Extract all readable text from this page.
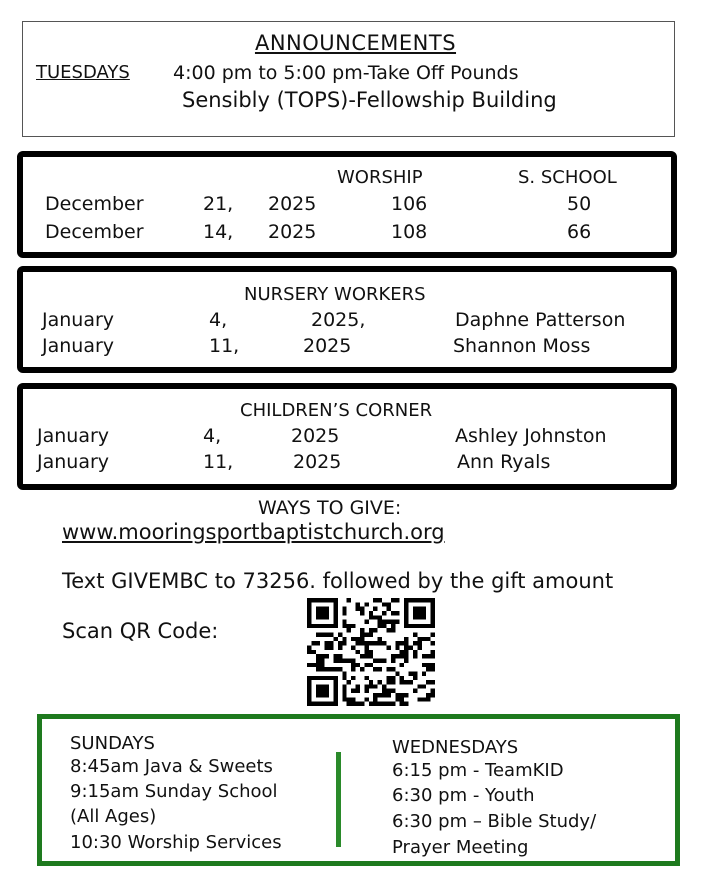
ANNOUNCEMENTS
TUESDAYS 4:00 pm to 5:00 pm-Take Off Pounds
Sensibly (TOPS)-Fellowship Building
WORSHIP	S. SCHOOL
December	21, 2025	106	50
December	14, 2025	108	66
NURSERY WORKERS
January	4,	2025,	Daphne Patterson
January	11,	2025	Shannon Moss
CHILDREN’S CORNER
January	4,	2025	Ashley Johnston
January	11,	2025	Ann Ryals
WAYS TO GIVE:
www.mooringsportbaptistchurch.org
Text GIVEMBC to 73256. followed by the gift amount
Scan QR Code:
SUNDAYS
8:45am Java & Sweets
9:15am Sunday School
(All Ages)
10:30 Worship Services
WEDNESDAYS
6:15 pm - TeamKID
6:30 pm - Youth
6:30 pm – Bible Study/
Prayer Meeting
